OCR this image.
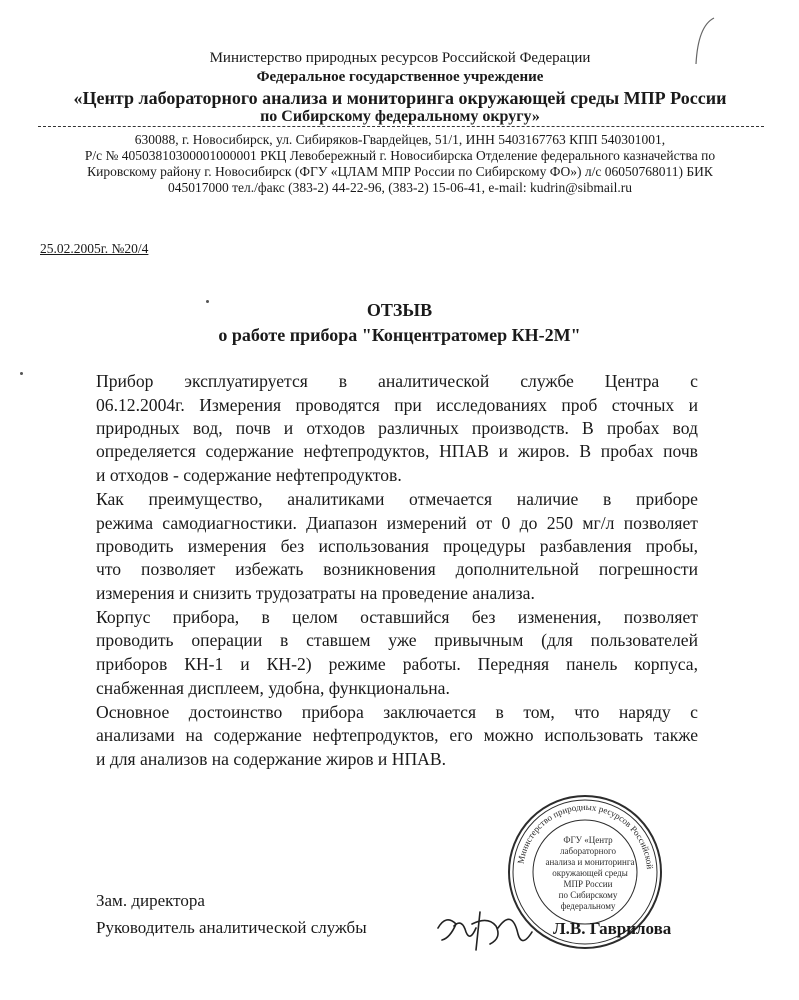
Министерство природных ресурсов Российской Федерации
Федеральное государственное учреждение
«Центр лабораторного анализа и мониторинга окружающей среды МПР России
по Сибирскому федеральному округу»
630088, г. Новосибирск, ул. Сибиряков-Гвардейцев, 51/1, ИНН 5403167763 КПП 540301001,
Р/с № 40503810300001000001 РКЦ Левобережный г. Новосибирска Отделение федерального казначейства по
Кировскому району г. Новосибирск (ФГУ «ЦЛАМ МПР России по Сибирскому ФО») л/с 06050768011) БИК
045017000 тел./факс (383-2) 44-22-96, (383-2) 15-06-41, e-mail: kudrin@sibmail.ru
25.02.2005г. №20/4
ОТЗЫВ
о работе прибора "Концентратомер КН-2М"
Прибор эксплуатируется в аналитической службе Центра с
06.12.2004г. Измерения проводятся при исследованиях проб сточных и
природных вод, почв и отходов различных производств. В пробах вод
определяется содержание нефтепродуктов, НПАВ и жиров. В пробах почв
и отходов - содержание нефтепродуктов.
Как преимущество, аналитиками отмечается наличие в приборе
режима самодиагностики. Диапазон измерений от 0 до 250 мг/л позволяет
проводить измерения без использования процедуры разбавления пробы,
что позволяет избежать возникновения дополнительной погрешности
измерения и снизить трудозатраты на проведение анализа.
Корпус прибора, в целом оставшийся без изменения, позволяет
проводить операции в ставшем уже привычным (для пользователей
приборов КН-1 и КН-2) режиме работы. Передняя панель корпуса,
снабженная дисплеем, удобна, функциональна.
Основное достоинство прибора заключается в том, что наряду с
анализами на содержание нефтепродуктов, его можно использовать также
и для анализов на содержание жиров и НПАВ.
Министерство природных ресурсов Российской
ФГУ «Центр
лабораторного
анализа и мониторинга
окружающей среды
МПР России
по Сибирскому
федеральному
Зам. директора
Руководитель аналитической службы	Л.В. Гаврилова
